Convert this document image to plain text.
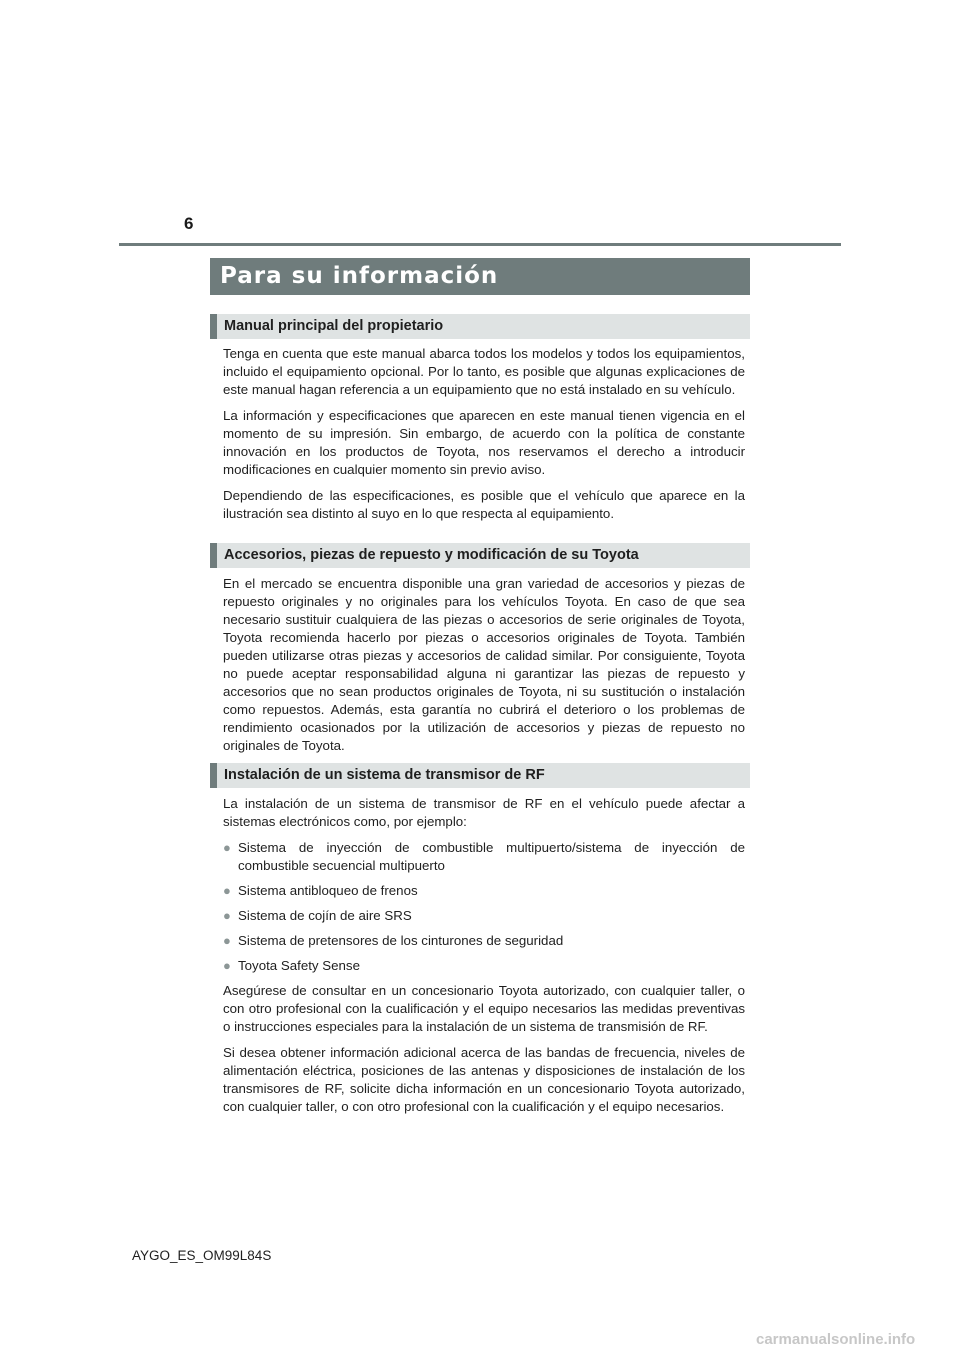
6
Para su información
Manual principal del propietario

Tenga en cuenta que este manual abarca todos los modelos y todos los equipamientos, incluido el equipamiento opcional. Por lo tanto, es posible que algunas explicaciones de este manual hagan referencia a un equipamiento que no está instalado en su vehículo.

La información y especificaciones que aparecen en este manual tienen vigencia en el momento de su impresión. Sin embargo, de acuerdo con la política de constante innovación en los productos de Toyota, nos reservamos el derecho a introducir modificaciones en cualquier momento sin previo aviso.

Dependiendo de las especificaciones, es posible que el vehículo que aparece en la ilustración sea distinto al suyo en lo que respecta al equipamiento.

Accesorios, piezas de repuesto y modificación de su Toyota

En el mercado se encuentra disponible una gran variedad de accesorios y piezas de repuesto originales y no originales para los vehículos Toyota. En caso de que sea necesario sustituir cualquiera de las piezas o accesorios de serie originales de Toyota, Toyota recomienda hacerlo por piezas o accesorios originales de Toyota. También pueden utilizarse otras piezas y accesorios de calidad similar. Por consiguiente, Toyota no puede aceptar responsabilidad alguna ni garantizar las piezas de repuesto y accesorios que no sean productos originales de Toyota, ni su sustitución o instalación como repuestos. Además, esta garantía no cubrirá el deterioro o los problemas de rendimiento ocasionados por la utilización de accesorios y piezas de repuesto no originales de Toyota.

Instalación de un sistema de transmisor de RF

La instalación de un sistema de transmisor de RF en el vehículo puede afectar a sistemas electrónicos como, por ejemplo:

● Sistema de inyección de combustible multipuerto/sistema de inyección de combustible secuencial multipuerto
● Sistema antibloqueo de frenos
● Sistema de cojín de aire SRS
● Sistema de pretensores de los cinturones de seguridad
● Toyota Safety Sense

Asegúrese de consultar en un concesionario Toyota autorizado, con cualquier taller, o con otro profesional con la cualificación y el equipo necesarios las medidas preventivas o instrucciones especiales para la instalación de un sistema de transmisión de RF.

Si desea obtener información adicional acerca de las bandas de frecuencia, niveles de alimentación eléctrica, posiciones de las antenas y disposiciones de instalación de los transmisores de RF, solicite dicha información en un concesionario Toyota autorizado, con cualquier taller, o con otro profesional con la cualificación y el equipo necesarios.

AYGO_ES_OM99L84S
carmanualsonline.info
